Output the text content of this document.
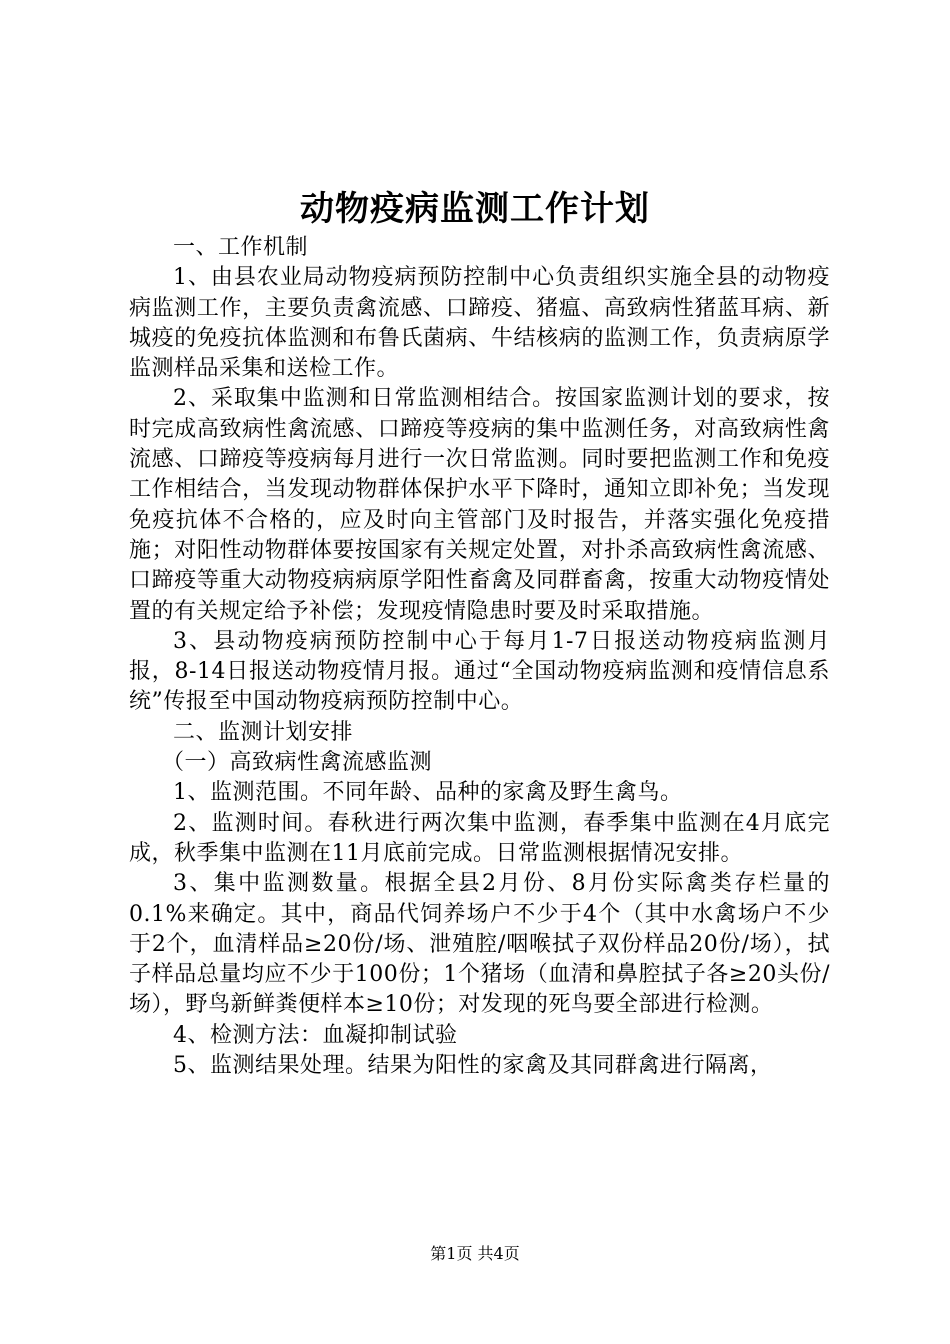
动物疫病监测工作计划

一、工作机制

1、由县农业局动物疫病预防控制中心负责组织实施全县的动物疫病监测工作，主要负责禽流感、口蹄疫、猪瘟、高致病性猪蓝耳病、新城疫的免疫抗体监测和布鲁氏菌病、牛结核病的监测工作，负责病原学监测样品采集和送检工作。

2、采取集中监测和日常监测相结合。按国家监测计划的要求，按时完成高致病性禽流感、口蹄疫等疫病的集中监测任务，对高致病性禽流感、口蹄疫等疫病每月进行一次日常监测。同时要把监测工作和免疫工作相结合，当发现动物群体保护水平下降时，通知立即补免；当发现免疫抗体不合格的，应及时向主管部门及时报告，并落实强化免疫措施；对阳性动物群体要按国家有关规定处置，对扑杀高致病性禽流感、口蹄疫等重大动物疫病病原学阳性畜禽及同群畜禽，按重大动物疫情处置的有关规定给予补偿；发现疫情隐患时要及时采取措施。

3、县动物疫病预防控制中心于每月1-7日报送动物疫病监测月报，8-14日报送动物疫情月报。通过“全国动物疫病监测和疫情信息系统”传报至中国动物疫病预防控制中心。

二、监测计划安排

（一）高致病性禽流感监测

1、监测范围。不同年龄、品种的家禽及野生禽鸟。

2、监测时间。春秋进行两次集中监测，春季集中监测在4月底完成，秋季集中监测在11月底前完成。日常监测根据情况安排。

3、集中监测数量。根据全县2月份、8月份实际禽类存栏量的0.1%来确定。其中，商品代饲养场户不少于4个（其中水禽场户不少于2个，血清样品≥20份/场、泄殖腔/咽喉拭子双份样品20份/场），拭子样品总量均应不少于100份；1个猪场（血清和鼻腔拭子各≥20头份/场），野鸟新鲜粪便样本≥10份；对发现的死鸟要全部进行检测。

4、检测方法：血凝抑制试验

5、监测结果处理。结果为阳性的家禽及其同群禽进行隔离，

第1页 共4页
